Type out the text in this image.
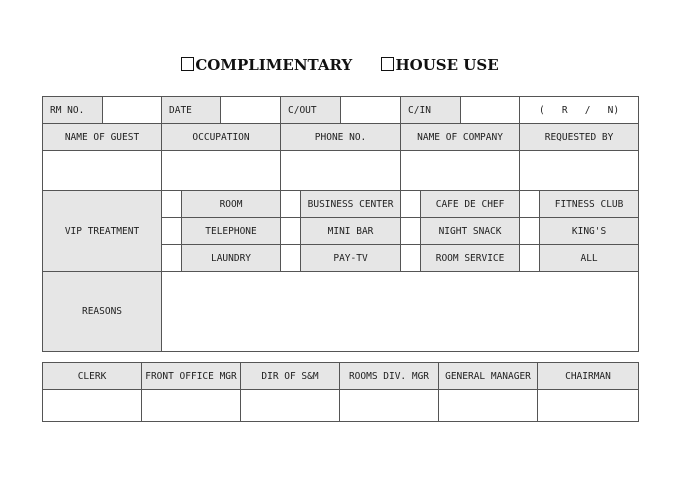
COMPLIMENTARY	HOUSE USE
RM NO.		DATE			C/OUT			C/IN			(   R   /   N)	
NAME OF GUEST		OCCUPATION			PHONE NO.			NAME OF COMPANY			REQUESTED BY	

VIP TREATMENT			ROOM			BUSINESS CENTER			CAFE DE CHEF			FITNESS CLUB
			TELEPHONE			MINI BAR			NIGHT SNACK			KING'S
			LAUNDRY			PAY-TV			ROOM SERVICE			ALL
REASONS												
CLERK	FRONT OFFICE MGR	DIR OF S&M	ROOMS DIV. MGR	GENERAL MANAGER	CHAIRMAN
